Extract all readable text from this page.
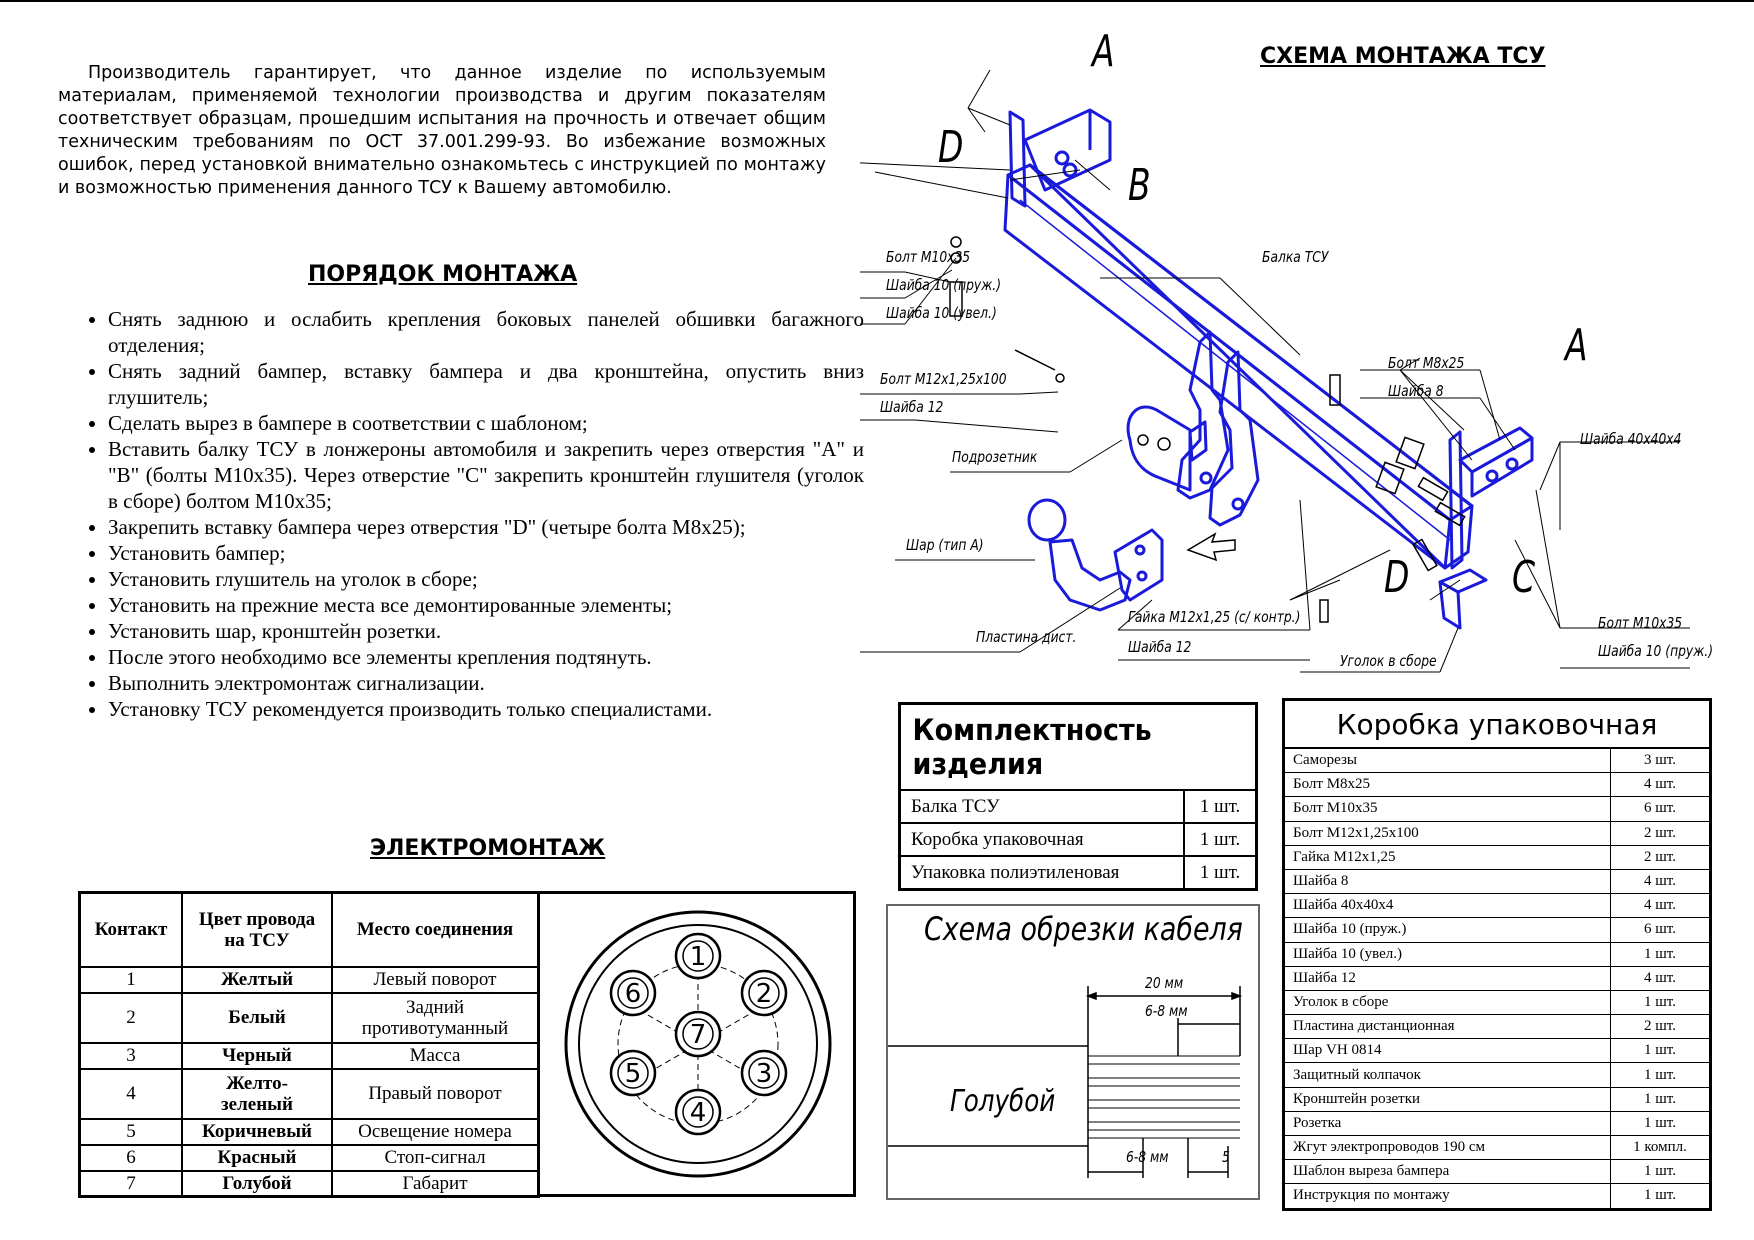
Производитель гарантирует, что данное изделие по используемым материалам, применяемой технологии производства и другим показателям соответствует образцам, прошедшим испытания на прочность и отвечает общим техническим требованиям по ОСТ 37.001.299-93. Во избежание возможных ошибок, перед установкой внимательно ознакомьтесь с инструкцией по монтажу и возможностью применения данного ТСУ к Вашему автомобилю.
ПОРЯДОК МОНТАЖА
• Снять заднюю и ослабить крепления боковых панелей обшивки багажного отделения;
• Снять задний бампер, вставку бампера и два кронштейна, опустить вниз глушитель;
• Сделать вырез в бампере в соответствии с шаблоном;
• Вставить балку ТСУ в лонжероны автомобиля и закрепить через отверстия "А" и "В" (болты М10х35). Через отверстие "С" закрепить кронштейн глушителя (уголок в сборе) болтом М10х35;
• Закрепить вставку бампера через отверстия "D" (четыре болта М8х25);
• Установить бампер;
• Установить глушитель на уголок в сборе;
• Установить на прежние места все демонтированные элементы;
• Установить шар, кронштейн розетки.
• После этого необходимо все элементы крепления подтянуть.
• Выполнить электромонтаж сигнализации.
• Установку ТСУ рекомендуется производить только специалистами.
ЭЛЕКТРОМОНТАЖ
Контакт	Цвет провода на ТСУ	Место соединения
1	Желтый	Левый поворот
2	Белый	Задний противотуманный
3	Черный	Масса
4	Желто-зеленый	Правый поворот
5	Коричневый	Освещение номера
6	Красный	Стоп-сигнал
7	Голубой	Габарит
1
2
3
4
5
6
7
СХЕМА МОНТАЖА ТСУ
A
D
B
A
D C
Болт М10х35
Шайба 10 (пруж.)
Шайба 10 (увел.)
Балка ТСУ
Болт М12х1,25х100
Шайба 12
Подрозетник
Шар (тип А)
Пластина дист.
Гайка М12х1,25 (с/ контр.)
Шайба 12
Болт М8х25
Шайба 8
Шайба 40х40х4
Болт М10х35
Шайба 10 (пруж.)
Уголок в сборе
Комплектность изделия	
Балка ТСУ	1 шт.
Коробка упаковочная	1 шт.
Упаковка полиэтиленовая	1 шт.
Коробка упаковочная	
Саморезы	3 шт.
Болт М8х25	4 шт.
Болт М10х35	6 шт.
Болт М12х1,25х100	2 шт.
Гайка М12х1,25	2 шт.
Шайба 8	4 шт.
Шайба 40х40х4	4 шт.
Шайба 10 (пруж.)	6 шт.
Шайба 10 (увел.)	1 шт.
Шайба 12	4 шт.
Уголок в сборе	1 шт.
Пластина дистанционная	2 шт.
Шар VH 0814	1 шт.
Защитный колпачок	1 шт.
Кронштейн розетки	1 шт.
Розетка	1 шт.
Жгут электропроводов 190 см	1 компл.
Шаблон выреза бампера	1 шт.
Инструкция по монтажу	1 шт.
Схема обрезки кабеля
20 мм
6-8 мм
6-8 мм	5
Голубой
